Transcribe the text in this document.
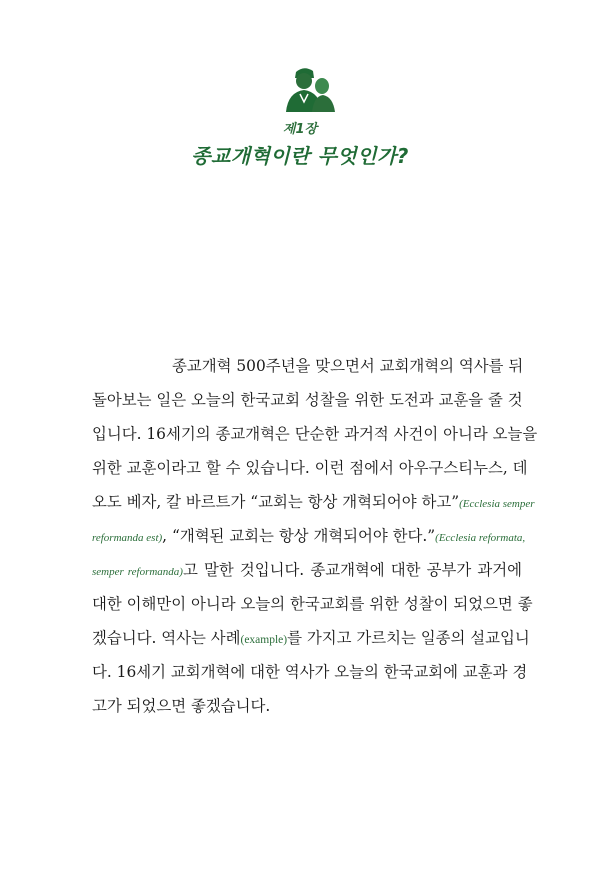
제1장
종교개혁이란 무엇인가?
종교개혁 500주년을 맞으면서 교회개혁의 역사를 뒤
돌아보는 일은 오늘의 한국교회 성찰을 위한 도전과 교훈을 줄 것
입니다. 16세기의 종교개혁은 단순한 과거적 사건이 아니라 오늘을
위한 교훈이라고 할 수 있습니다. 이런 점에서 아우구스티누스, 데
오도 베자, 칼 바르트가 “교회는 항상 개혁되어야 하고”(Ecclesia semper
reformanda est), “개혁된 교회는 항상 개혁되어야 한다.”(Ecclesia reformata,
semper reformanda)고 말한 것입니다. 종교개혁에 대한 공부가 과거에
대한 이해만이 아니라 오늘의 한국교회를 위한 성찰이 되었으면 좋
겠습니다. 역사는 사례(example)를 가지고 가르치는 일종의 설교입니
다. 16세기 교회개혁에 대한 역사가 오늘의 한국교회에 교훈과 경
고가 되었으면 좋겠습니다.
